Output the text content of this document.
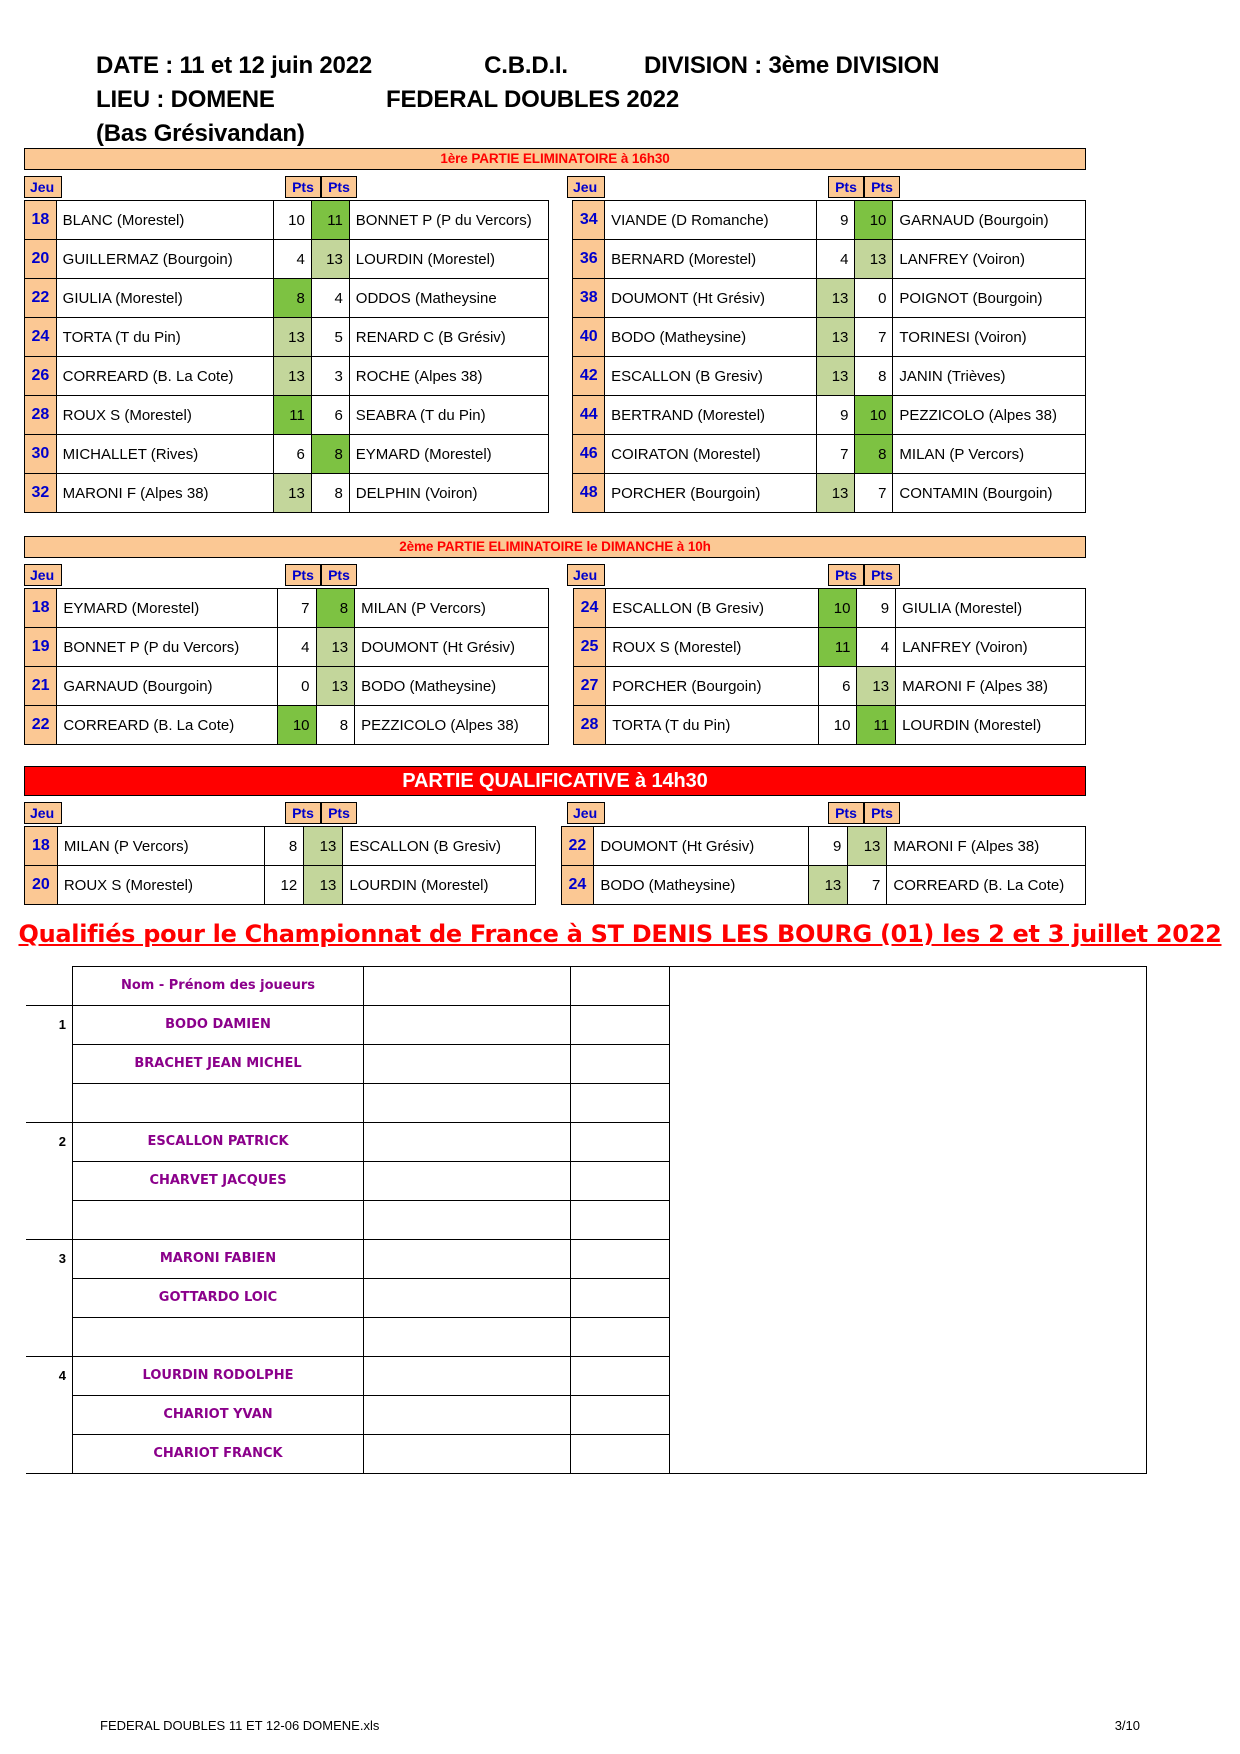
DATE : 11 et 12 juin 2022	C.B.D.I.	DIVISION : 3ème DIVISION
LIEU : DOMENE	FEDERAL DOUBLES 2022
(Bas Grésivandan)
1ère PARTIE ELIMINATOIRE à 16h30
Jeu	Pts	Pts	Jeu	Pts	Pts
18	BLANC (Morestel)	10	11	BONNET P (P du Vercors)		34	VIANDE (D Romanche)	9	10	GARNAUD (Bourgoin)
20	GUILLERMAZ (Bourgoin)	4	13	LOURDIN (Morestel)		36	BERNARD (Morestel)	4	13	LANFREY (Voiron)
22	GIULIA (Morestel)	8	4	ODDOS (Matheysine		38	DOUMONT (Ht Grésiv)	13	0	POIGNOT (Bourgoin)
24	TORTA (T du Pin)	13	5	RENARD C (B Grésiv)		40	BODO (Matheysine)	13	7	TORINESI (Voiron)
26	CORREARD (B. La Cote)	13	3	ROCHE (Alpes 38)		42	ESCALLON (B Gresiv)	13	8	JANIN (Trièves)
28	ROUX S (Morestel)	11	6	SEABRA (T du Pin)		44	BERTRAND (Morestel)	9	10	PEZZICOLO (Alpes 38)
30	MICHALLET (Rives)	6	8	EYMARD (Morestel)		46	COIRATON (Morestel)	7	8	MILAN (P Vercors)
32	MARONI F (Alpes 38)	13	8	DELPHIN (Voiron)		48	PORCHER (Bourgoin)	13	7	CONTAMIN (Bourgoin)
2ème PARTIE ELIMINATOIRE le DIMANCHE à 10h
Jeu	Pts	Pts	Jeu	Pts	Pts
18	EYMARD (Morestel)	7	8	MILAN (P Vercors)		24	ESCALLON (B Gresiv)	10	9	GIULIA (Morestel)
19	BONNET P (P du Vercors)	4	13	DOUMONT (Ht Grésiv)		25	ROUX S (Morestel)	11	4	LANFREY (Voiron)
21	GARNAUD (Bourgoin)	0	13	BODO (Matheysine)		27	PORCHER (Bourgoin)	6	13	MARONI F (Alpes 38)
22	CORREARD (B. La Cote)	10	8	PEZZICOLO (Alpes 38)		28	TORTA (T du Pin)	10	11	LOURDIN (Morestel)
PARTIE QUALIFICATIVE à 14h30
Jeu	Pts	Pts	Jeu	Pts	Pts
18	MILAN (P Vercors)	8	13	ESCALLON (B Gresiv)		22	DOUMONT (Ht Grésiv)	9	13	MARONI F (Alpes 38)
20	ROUX S (Morestel)	12	13	LOURDIN (Morestel)		24	BODO (Matheysine)	13	7	CORREARD (B. La Cote)
Qualifiés pour le Championnat de France à ST DENIS LES BOURG (01) les 2 et 3 juillet 2022
	Nom - Prénom des joueurs			
1	BODO DAMIEN			
	BRACHET JEAN MICHEL			

2	ESCALLON PATRICK			
	CHARVET JACQUES			

3	MARONI FABIEN			
	GOTTARDO LOIC			

4	LOURDIN RODOLPHE			
	CHARIOT YVAN			
	CHARIOT FRANCK			
FEDERAL DOUBLES 11 ET 12-06 DOMENE.xls	3/10
